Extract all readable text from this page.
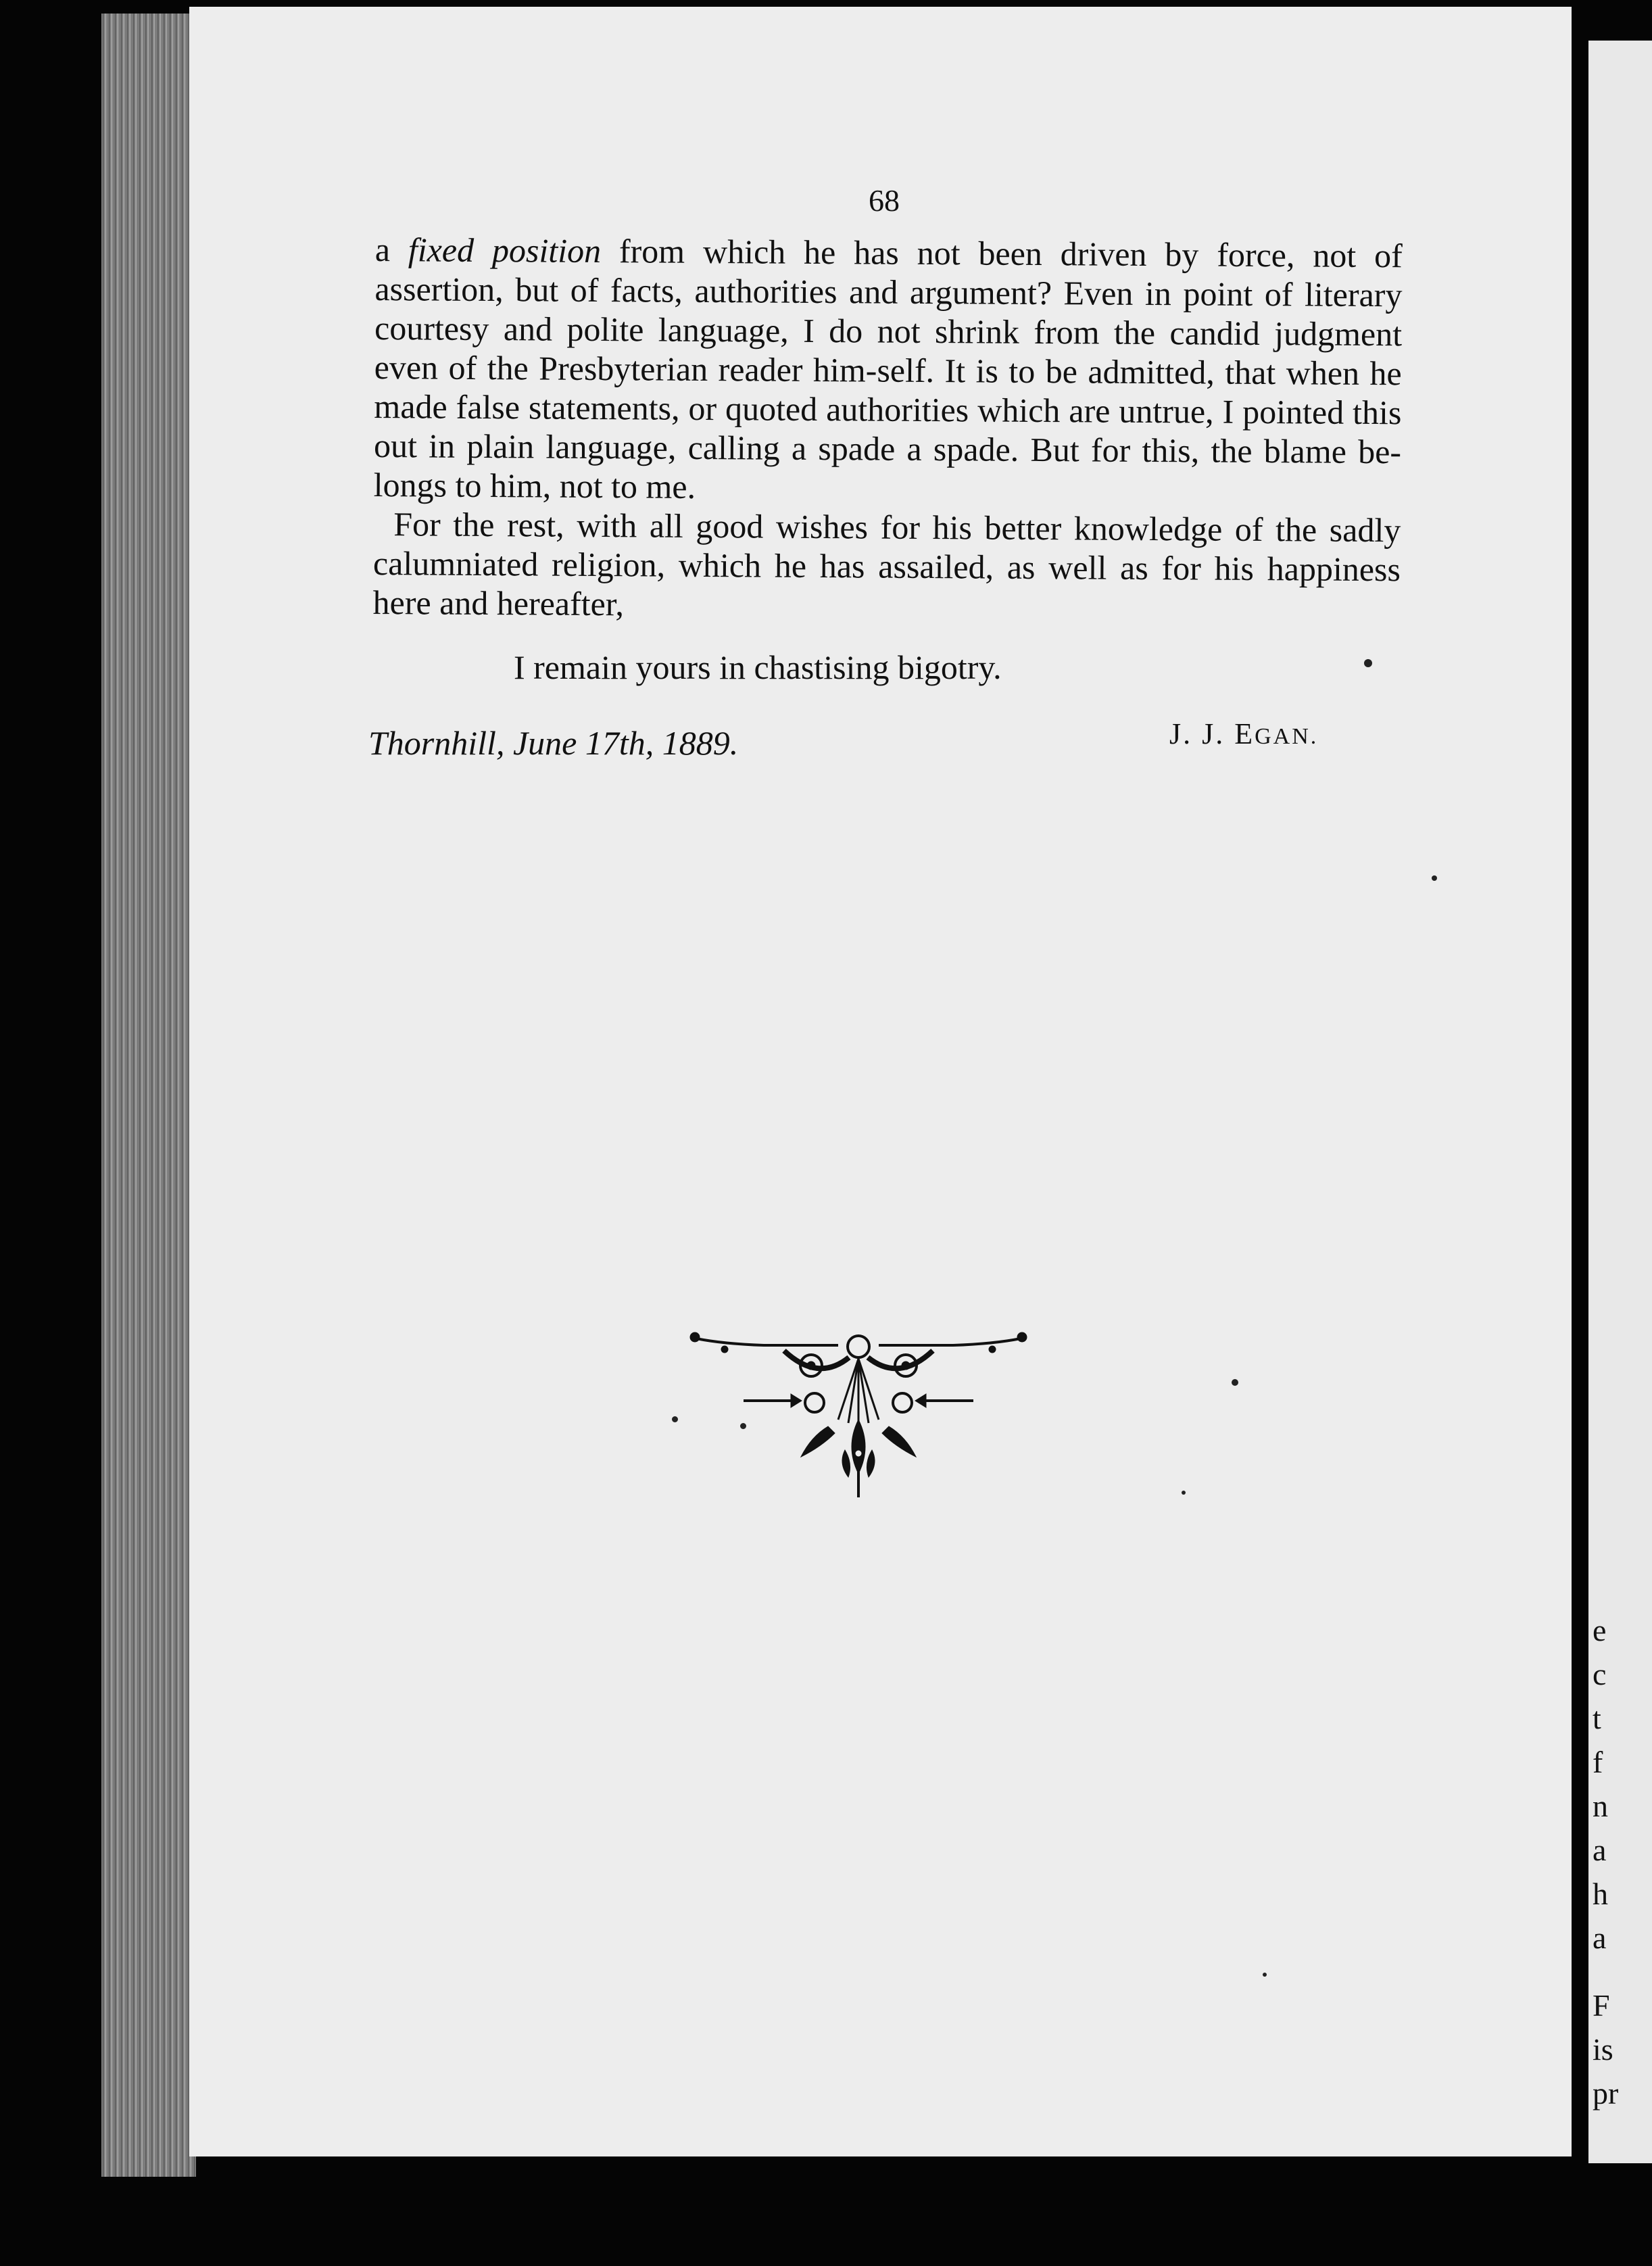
e
c
t
f
n
a
h
a
F
is
pr
68

a fixed position from which he has not been driven by force, not of assertion, but of facts, authorities and argument? Even in point of literary courtesy and polite language, I do not shrink from the candid judgment even of the Presbyterian reader him-self. It is to be admitted, that when he made false statements, or quoted authorities which are untrue, I pointed this out in plain language, calling a spade a spade. But for this, the blame be-longs to him, not to me.

For the rest, with all good wishes for his better knowledge of the sadly calumniated religion, which he has assailed, as well as for his happiness here and hereafter,

I remain yours in chastising bigotry.
Thornhill, June 17th, 1889.	J. J. EGAN.
